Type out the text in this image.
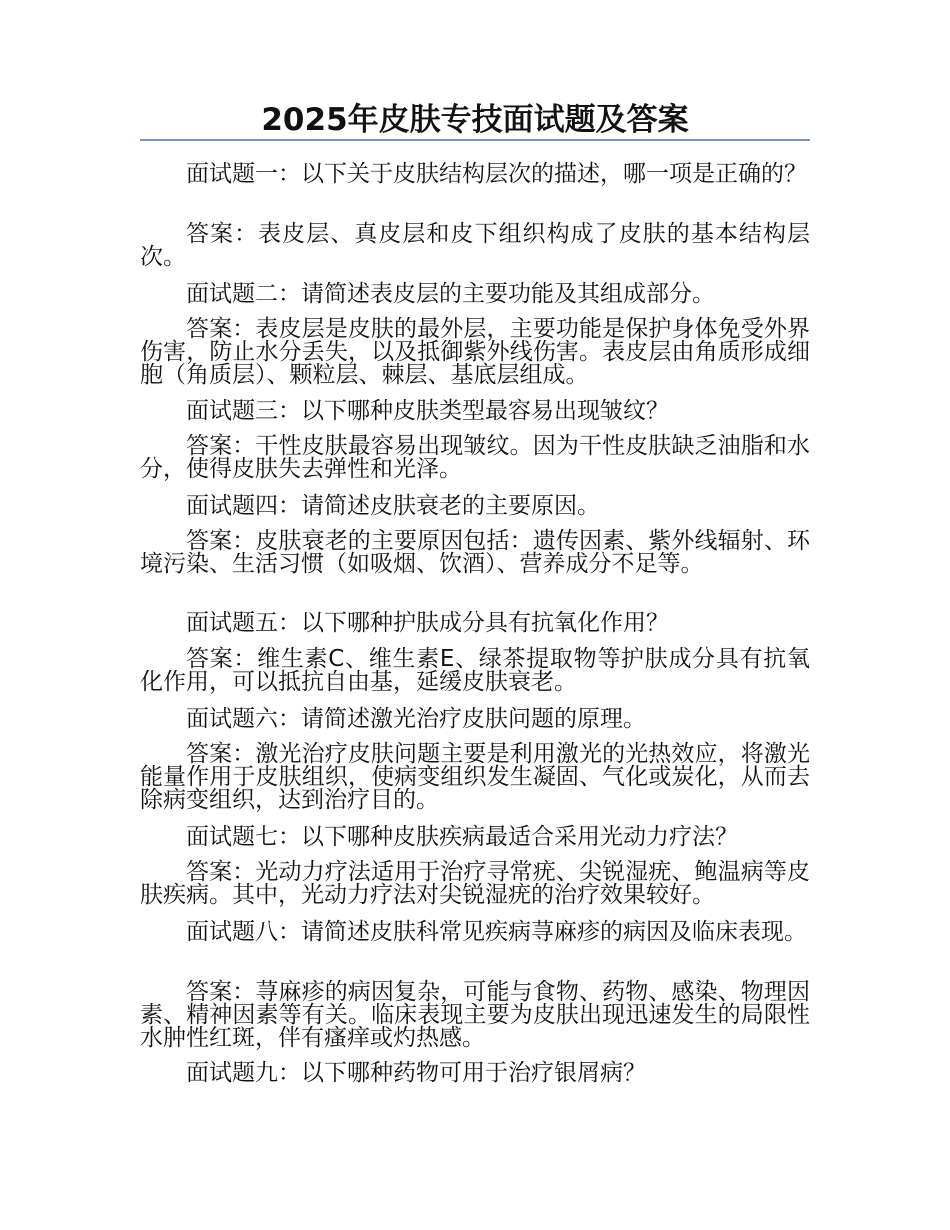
2025年皮肤专技面试题及答案

面试题一：以下关于皮肤结构层次的描述，哪一项是正确的？

答案：表皮层、真皮层和皮下组织构成了皮肤的基本结构层次。

面试题二：请简述表皮层的主要功能及其组成部分。

答案：表皮层是皮肤的最外层，主要功能是保护身体免受外界伤害，防止水分丢失，以及抵御紫外线伤害。表皮层由角质形成细胞（角质层）、颗粒层、棘层、基底层组成。

面试题三：以下哪种皮肤类型最容易出现皱纹？

答案：干性皮肤最容易出现皱纹。因为干性皮肤缺乏油脂和水分，使得皮肤失去弹性和光泽。

面试题四：请简述皮肤衰老的主要原因。

答案：皮肤衰老的主要原因包括：遗传因素、紫外线辐射、环境污染、生活习惯（如吸烟、饮酒）、营养成分不足等。

面试题五：以下哪种护肤成分具有抗氧化作用？

答案：维生素C、维生素E、绿茶提取物等护肤成分具有抗氧化作用，可以抵抗自由基，延缓皮肤衰老。

面试题六：请简述激光治疗皮肤问题的原理。

答案：激光治疗皮肤问题主要是利用激光的光热效应，将激光能量作用于皮肤组织，使病变组织发生凝固、气化或炭化，从而去除病变组织，达到治疗目的。

面试题七：以下哪种皮肤疾病最适合采用光动力疗法？

答案：光动力疗法适用于治疗寻常疣、尖锐湿疣、鲍温病等皮肤疾病。其中，光动力疗法对尖锐湿疣的治疗效果较好。

面试题八：请简述皮肤科常见疾病荨麻疹的病因及临床表现。

答案：荨麻疹的病因复杂，可能与食物、药物、感染、物理因素、精神因素等有关。临床表现主要为皮肤出现迅速发生的局限性水肿性红斑，伴有瘙痒或灼热感。

面试题九：以下哪种药物可用于治疗银屑病？
